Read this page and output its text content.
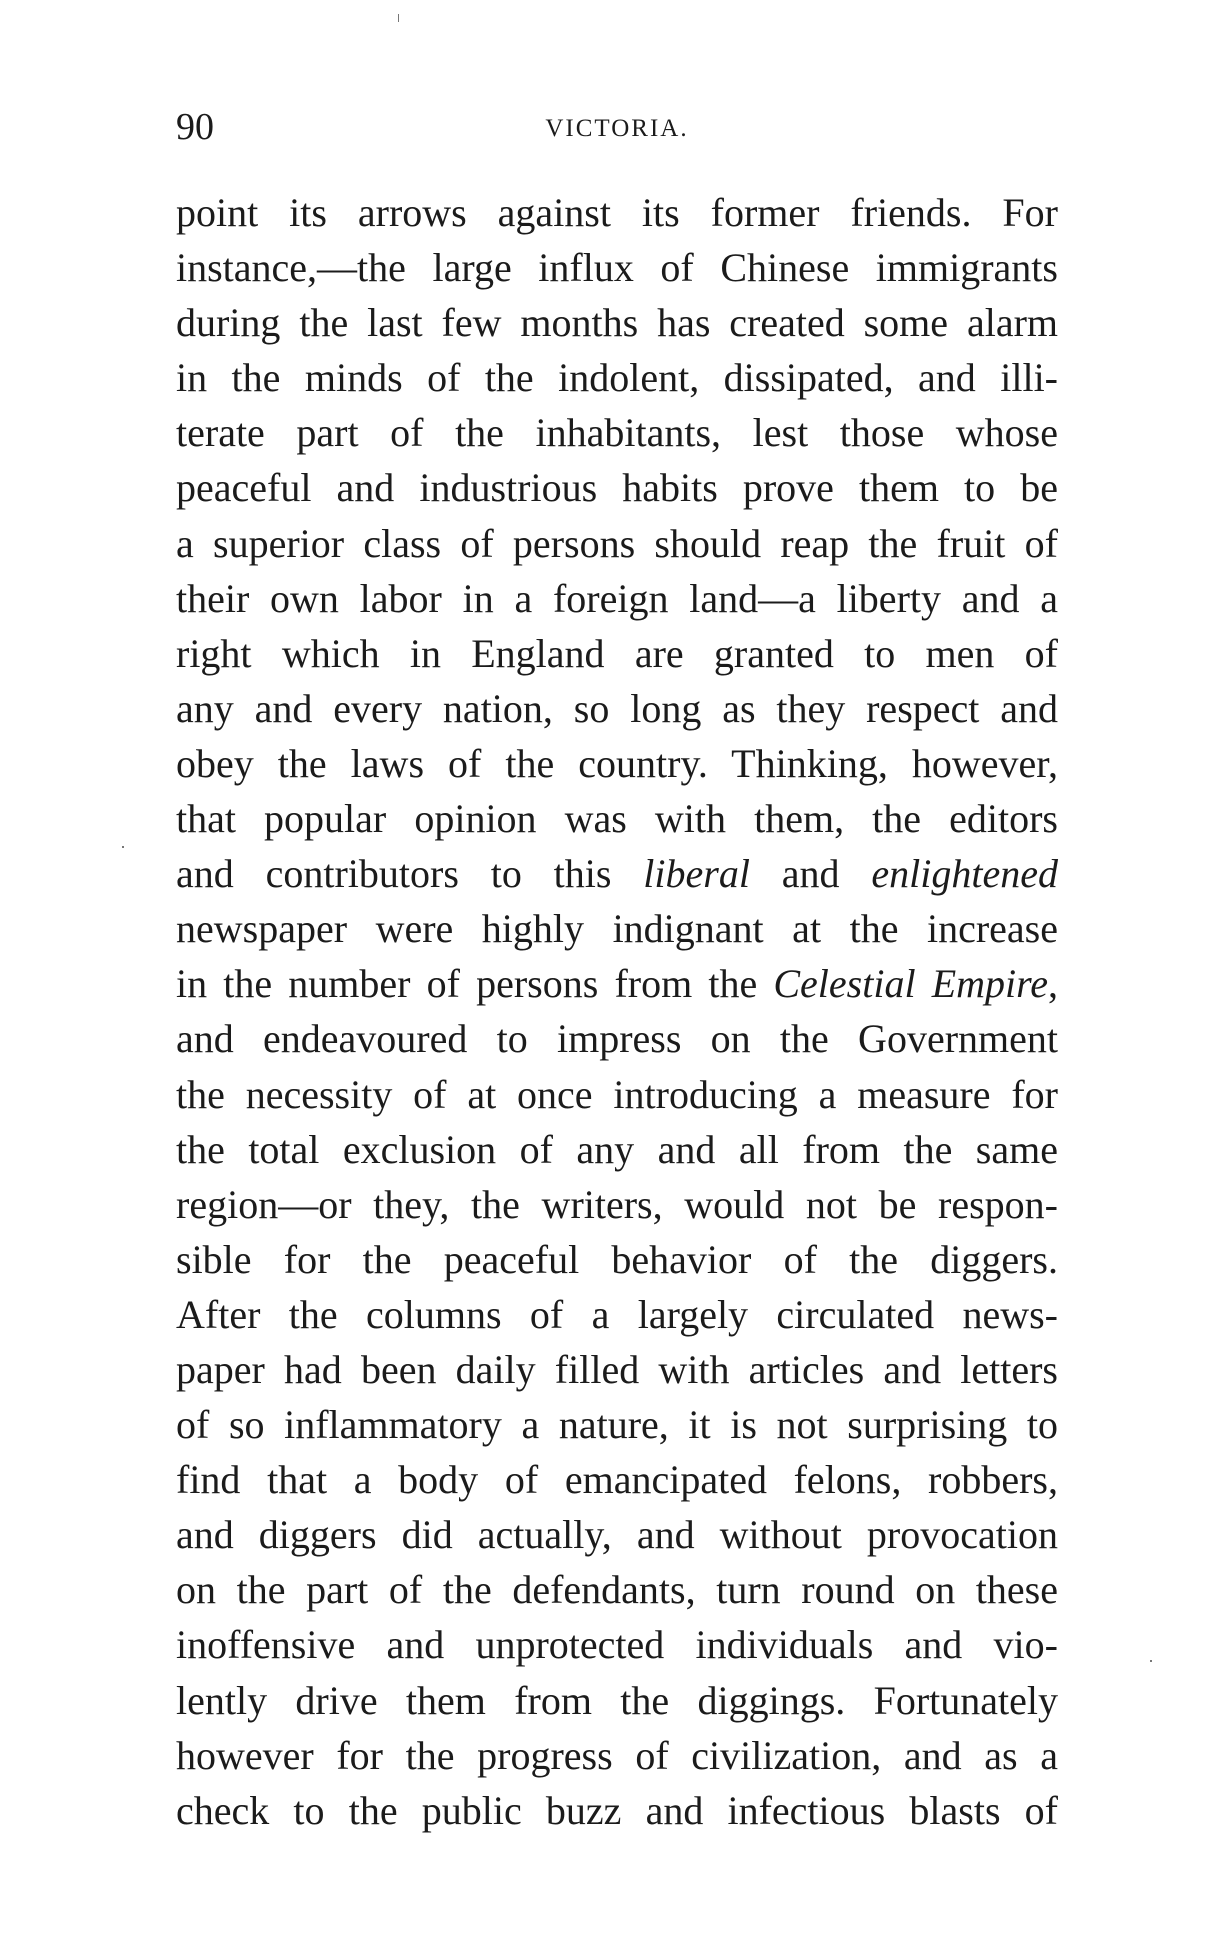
90	VICTORIA.
point its arrows against its former friends. For
instance,—the large influx of Chinese immigrants
during the last few months has created some alarm
in the minds of the indolent, dissipated, and illi-
terate part of the inhabitants, lest those whose
peaceful and industrious habits prove them to be
a superior class of persons should reap the fruit of
their own labor in a foreign land—a liberty and a
right which in England are granted to men of
any and every nation, so long as they respect and
obey the laws of the country. Thinking, however,
that popular opinion was with them, the editors
and contributors to this liberal and enlightened
newspaper were highly indignant at the increase
in the number of persons from the Celestial Empire,
and endeavoured to impress on the Government
the necessity of at once introducing a measure for
the total exclusion of any and all from the same
region—or they, the writers, would not be respon-
sible for the peaceful behavior of the diggers.
After the columns of a largely circulated news-
paper had been daily filled with articles and letters
of so inflammatory a nature, it is not surprising to
find that a body of emancipated felons, robbers,
and diggers did actually, and without provocation
on the part of the defendants, turn round on these
inoffensive and unprotected individuals and vio-
lently drive them from the diggings. Fortunately
however for the progress of civilization, and as a
check to the public buzz and infectious blasts of
